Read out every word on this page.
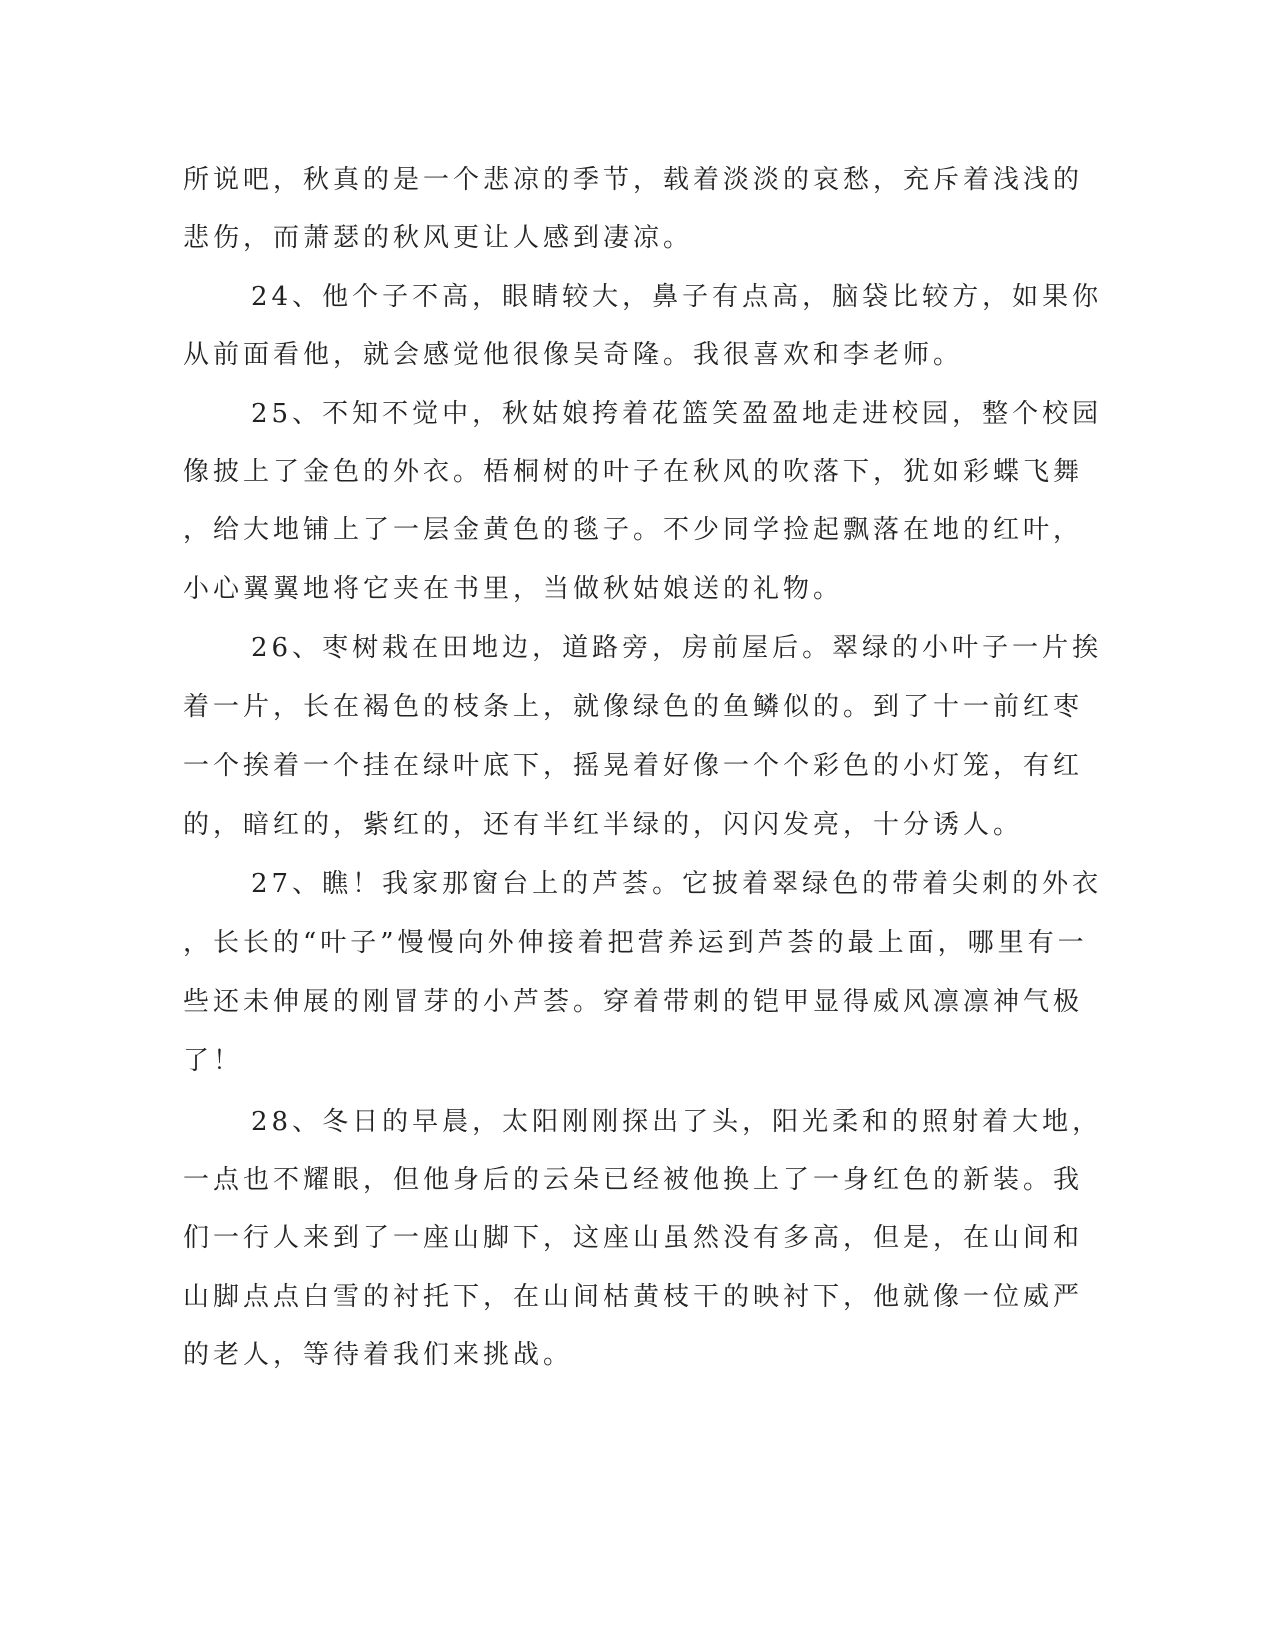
所说吧，秋真的是一个悲凉的季节，载着淡淡的哀愁，充斥着浅浅的
悲伤，而萧瑟的秋风更让人感到凄凉。
24、他个子不高，眼睛较大，鼻子有点高，脑袋比较方，如果你
从前面看他，就会感觉他很像吴奇隆。我很喜欢和李老师。
25、不知不觉中，秋姑娘挎着花篮笑盈盈地走进校园，整个校园
像披上了金色的外衣。梧桐树的叶子在秋风的吹落下，犹如彩蝶飞舞
，给大地铺上了一层金黄色的毯子。不少同学捡起飘落在地的红叶，
小心翼翼地将它夹在书里，当做秋姑娘送的礼物。
26、枣树栽在田地边，道路旁，房前屋后。翠绿的小叶子一片挨
着一片，长在褐色的枝条上，就像绿色的鱼鳞似的。到了十一前红枣
一个挨着一个挂在绿叶底下，摇晃着好像一个个彩色的小灯笼，有红
的，暗红的，紫红的，还有半红半绿的，闪闪发亮，十分诱人。
27、瞧！我家那窗台上的芦荟。它披着翠绿色的带着尖刺的外衣
，长长的“叶子”慢慢向外伸接着把营养运到芦荟的最上面，哪里有一
些还未伸展的刚冒芽的小芦荟。穿着带刺的铠甲显得威风凛凛神气极
了！
28、冬日的早晨，太阳刚刚探出了头，阳光柔和的照射着大地，
一点也不耀眼，但他身后的云朵已经被他换上了一身红色的新装。我
们一行人来到了一座山脚下，这座山虽然没有多高，但是，在山间和
山脚点点白雪的衬托下，在山间枯黄枝干的映衬下，他就像一位威严
的老人，等待着我们来挑战。
